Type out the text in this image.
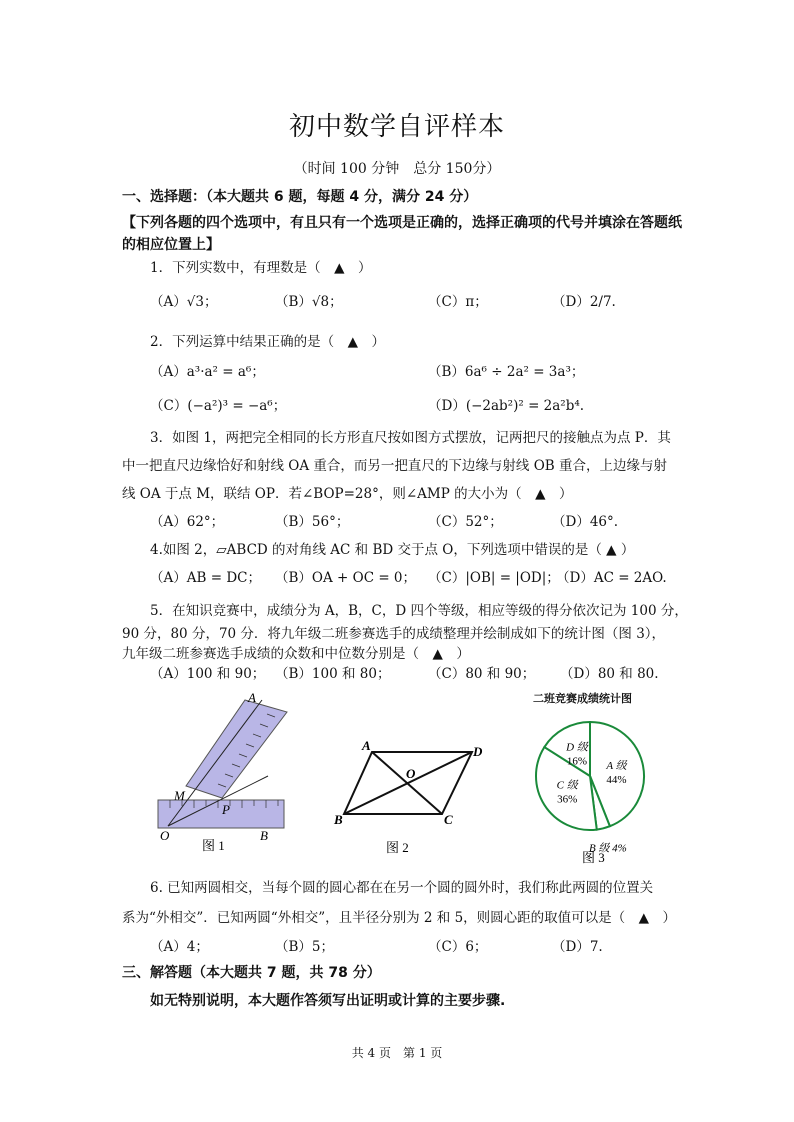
初中数学自评样本
（时间 100 分钟　总分 150分）
一、选择题：（本大题共 6 题，每题 4 分，满分 24 分）
【下列各题的四个选项中，有且只有一个选项是正确的，选择正确项的代号并填涂在答题纸
的相应位置上】
1．下列实数中，有理数是（　▲　）
（A）√3；	（B）√8；	（C）π；	（D）2/7.
2．下列运算中结果正确的是（　▲　）
（A）a³·a² = a⁶；	（B）6a⁶ ÷ 2a² = 3a³；
（C）(−a²)³ = −a⁶；	（D）(−2ab²)² = 2a²b⁴.
3．如图 1，两把完全相同的长方形直尺按如图方式摆放，记两把尺的接触点为点 P．其
中一把直尺边缘恰好和射线 OA 重合，而另一把直尺的下边缘与射线 OB 重合，上边缘与射
线 OA 于点 M，联结 OP．若∠BOP=28°，则∠AMP 的大小为（　▲　）
（A）62°；	（B）56°；	（C）52°；	（D）46°.
4.如图 2，▱ABCD 的对角线 AC 和 BD 交于点 O，下列选项中错误的是（ ▲ ）
（A）AB = DC； （B）OA + OC = 0； （C）|OB| = |OD|；
（D）AC = 2AO.
5．在知识竞赛中，成绩分为 A，B，C，D 四个等级，相应等级的得分依次记为 100 分，
90 分，80 分，70 分．将九年级二班参赛选手的成绩整理并绘制成如下的统计图（图 3），
九年级二班参赛选手成绩的众数和中位数分别是（　▲　）
（A）100 和 90； （B）100 和 80；	（C）80 和 90； （D）80 和 80.
A
M
P
O	B
图 1
A	D
O
B	C
图 2
二班竞赛成绩统计图
A 级
44%
B 级 4%
C 级
36%
D 级
16%
图 3
6. 已知两圆相交，当每个圆的圆心都在在另一个圆的圆外时，我们称此两圆的位置关
系为“外相交”．已知两圆“外相交”，且半径分别为 2 和 5，则圆心距的取值可以是（　▲　）
（A）4；	（B）5；	（C）6；	（D）7.
三、解答题（本大题共 7 题，共 78 分）
如无特别说明，本大题作答须写出证明或计算的主要步骤.
共 4 页　第 1 页
